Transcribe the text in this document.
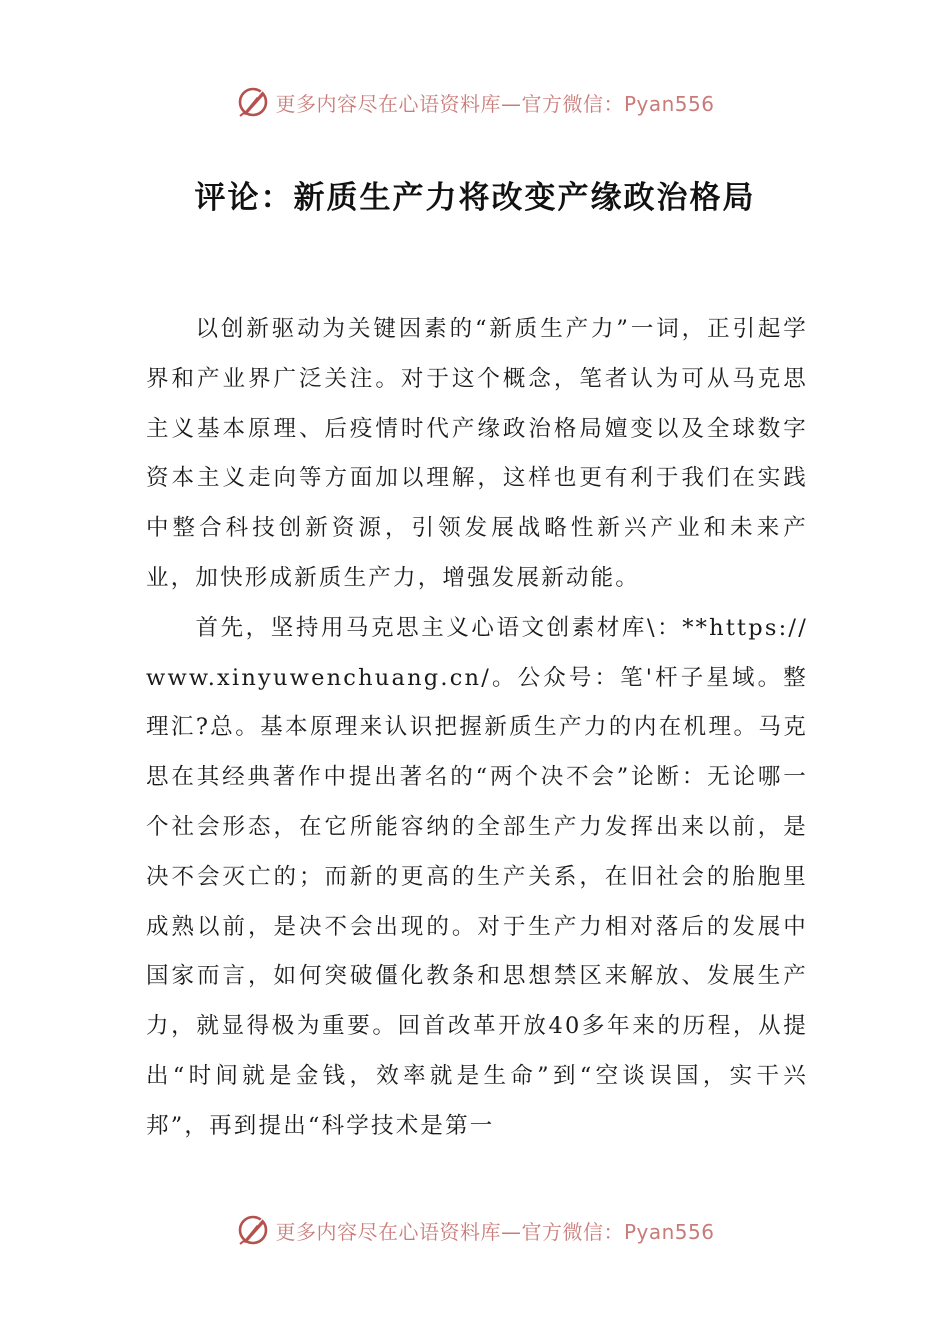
更多内容尽在心语资料库—官方微信：Pyan556
评论：新质生产力将改变产缘政治格局

以创新驱动为关键因素的“新质生产力”一词，正引起学界和产业界广泛关注。对于这个概念，笔者认为可从马克思主义基本原理、后疫情时代产缘政治格局嬗变以及全球数字资本主义走向等方面加以理解，这样也更有利于我们在实践中整合科技创新资源，引领发展战略性新兴产业和未来产业，加快形成新质生产力，增强发展新动能。

首先，坚持用马克思主义心语文创素材库\：**https://www.xinyuwenchuang.cn/。公众号：笔'杆子星域。整理汇?总。基本原理来认识把握新质生产力的内在机理。马克思在其经典著作中提出著名的“两个决不会”论断：无论哪一个社会形态，在它所能容纳的全部生产力发挥出来以前，是决不会灭亡的；而新的更高的生产关系，在旧社会的胎胞里成熟以前，是决不会出现的。对于生产力相对落后的发展中国家而言，如何突破僵化教条和思想禁区来解放、发展生产力，就显得极为重要。回首改革开放40多年来的历程，从提出“时间就是金钱，效率就是生命”到“空谈误国，实干兴邦”，再到提出“科学技术是第一

更多内容尽在心语资料库—官方微信：Pyan556
